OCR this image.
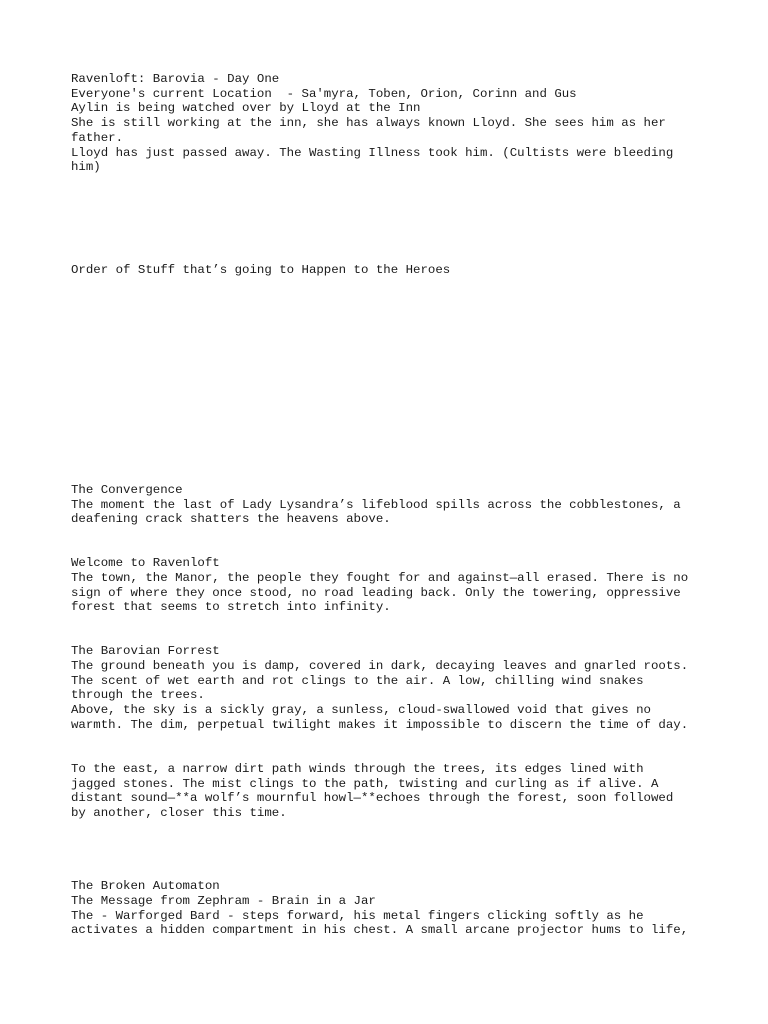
Ravenloft: Barovia - Day One
Everyone's current Location  - Sa'myra, Toben, Orion, Corinn and Gus
Aylin is being watched over by Lloyd at the Inn
She is still working at the inn, she has always known Lloyd. She sees him as her
father.
Lloyd has just passed away. The Wasting Illness took him. (Cultists were bleeding
him)
Order of Stuff that’s going to Happen to the Heroes
The Convergence
The moment the last of Lady Lysandra’s lifeblood spills across the cobblestones, a
deafening crack shatters the heavens above.
Welcome to Ravenloft
The town, the Manor, the people they fought for and against—all erased. There is no
sign of where they once stood, no road leading back. Only the towering, oppressive
forest that seems to stretch into infinity.
The Barovian Forrest
The ground beneath you is damp, covered in dark, decaying leaves and gnarled roots.
The scent of wet earth and rot clings to the air. A low, chilling wind snakes
through the trees.
Above, the sky is a sickly gray, a sunless, cloud-swallowed void that gives no
warmth. The dim, perpetual twilight makes it impossible to discern the time of day.
To the east, a narrow dirt path winds through the trees, its edges lined with
jagged stones. The mist clings to the path, twisting and curling as if alive. A
distant sound—**a wolf’s mournful howl—**echoes through the forest, soon followed
by another, closer this time.
The Broken Automaton
The Message from Zephram - Brain in a Jar
The - Warforged Bard - steps forward, his metal fingers clicking softly as he
activates a hidden compartment in his chest. A small arcane projector hums to life,
